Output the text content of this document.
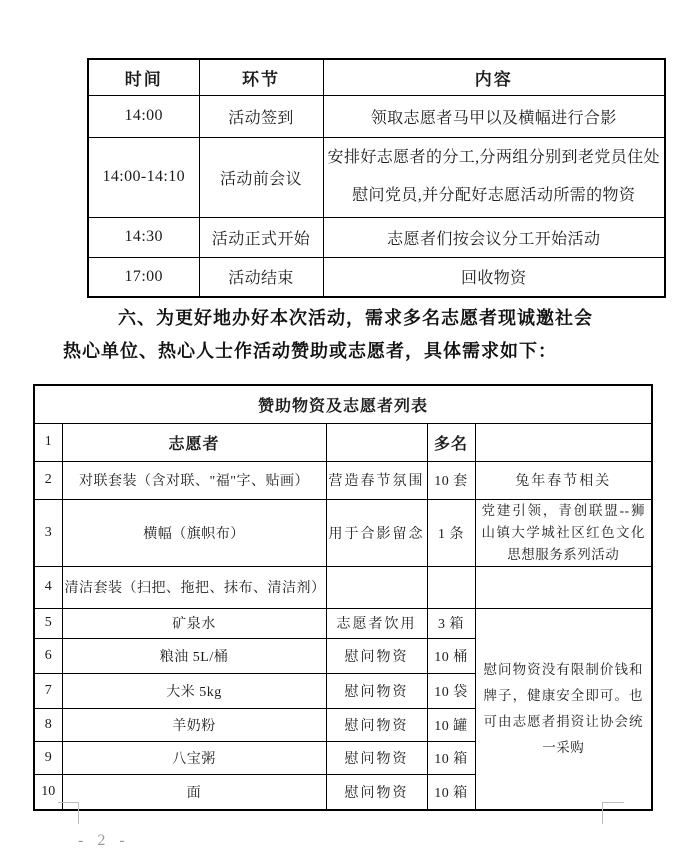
时间	环节	内容
14:00	活动签到	领取志愿者马甲以及横幅进行合影
14:00-14:10	活动前会议	安排好志愿者的分工,分两组分别到老党员住处慰问党员,并分配好志愿活动所需的物资
14:30	活动正式开始	志愿者们按会议分工开始活动
17:00	活动结束	回收物资
六、为更好地办好本次活动，需求多名志愿者现诚邀社会
热心单位、热心人士作活动赞助或志愿者，具体需求如下：
赞助物资及志愿者列表				
1	志愿者		多名	
2	对联套装（含对联、"福"字、贴画）	营造春节氛围	10 套	兔年春节相关
3	横幅（旗帜布）	用于合影留念	1 条	党建引领，青创联盟--狮山镇大学城社区红色文化思想服务系列活动
4	清洁套装（扫把、拖把、抹布、清洁剂）			
5	矿泉水	志愿者饮用	3 箱	慰问物资没有限制价钱和牌子，健康安全即可。也可由志愿者捐资让协会统一采购
6	粮油 5L/桶	慰问物资	10 桶	
7	大米 5kg	慰问物资	10 袋	
8	羊奶粉	慰问物资	10 罐	
9	八宝粥	慰问物资	10 箱	
10	面	慰问物资	10 箱	
- 2 -
